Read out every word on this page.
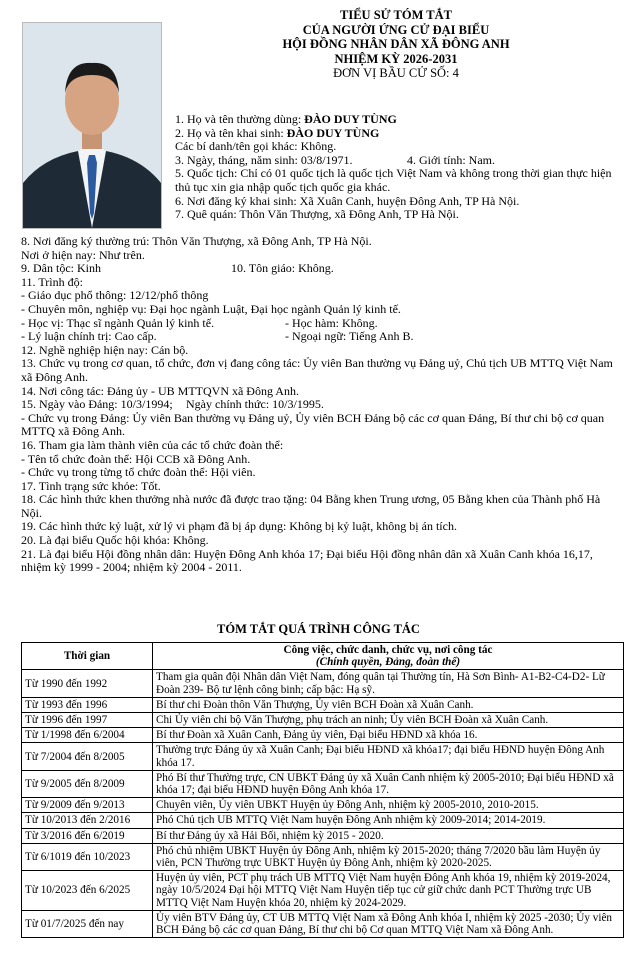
TIỂU SỬ TÓM TẮT
CỦA NGƯỜI ỨNG CỬ ĐẠI BIỂU
HỘI ĐỒNG NHÂN DÂN XÃ ĐÔNG ANH
NHIỆM KỲ 2026-2031
ĐƠN VỊ BẦU CỬ SỐ: 4
1. Họ và tên thường dùng: ĐÀO DUY TÙNG
2. Họ và tên khai sinh: ĐÀO DUY TÙNG
Các bí danh/tên gọi khác: Không.
3. Ngày, tháng, năm sinh: 03/8/1971.	4. Giới tính: Nam.
5. Quốc tịch: Chỉ có 01 quốc tịch là quốc tịch Việt Nam và không trong thời gian thực hiện thủ tục xin gia nhập quốc tịch quốc gia khác.
6. Nơi đăng ký khai sinh: Xã Xuân Canh, huyện Đông Anh, TP Hà Nội.
7. Quê quán: Thôn Văn Thượng, xã Đông Anh, TP Hà Nội.
8. Nơi đăng ký thường trú: Thôn Văn Thượng, xã Đông Anh, TP Hà Nội.
Nơi ở hiện nay: Như trên.
9. Dân tộc: Kinh	10. Tôn giáo: Không.
11. Trình độ:
- Giáo dục phổ thông: 12/12/phổ thông
- Chuyên môn, nghiệp vụ: Đại học ngành Luật, Đại học ngành Quản lý kinh tế.
- Học vị: Thạc sĩ ngành Quản lý kinh tế.	- Học hàm: Không.
- Lý luận chính trị: Cao cấp.	- Ngoại ngữ: Tiếng Anh B.
12. Nghề nghiệp hiện nay: Cán bộ.
13. Chức vụ trong cơ quan, tổ chức, đơn vị đang công tác: Ủy viên Ban thường vụ Đảng uỷ, Chủ tịch UB MTTQ Việt Nam xã Đông Anh.
14. Nơi công tác: Đảng ủy - UB MTTQVN xã Đông Anh.
15. Ngày vào Đảng: 10/3/1994; Ngày chính thức: 10/3/1995.
- Chức vụ trong Đảng: Ủy viên Ban thường vụ Đảng uỷ, Ủy viên BCH Đảng bộ các cơ quan Đảng, Bí thư chi bộ cơ quan MTTQ xã Đông Anh.
16. Tham gia làm thành viên của các tổ chức đoàn thể:
- Tên tổ chức đoàn thể: Hội CCB xã Đông Anh.
- Chức vụ trong từng tổ chức đoàn thể: Hội viên.
17. Tình trạng sức khỏe: Tốt.
18. Các hình thức khen thưởng nhà nước đã được trao tặng: 04 Bằng khen Trung ương, 05 Bằng khen của Thành phố Hà Nội.
19. Các hình thức kỷ luật, xử lý vi phạm đã bị áp dụng: Không bị kỷ luật, không bị án tích.
20. Là đại biểu Quốc hội khóa: Không.
21. Là đại biểu Hội đồng nhân dân: Huyện Đông Anh khóa 17; Đại biểu Hội đồng nhân dân xã Xuân Canh khóa 16,17, nhiệm kỳ 1999 - 2004; nhiệm kỳ 2004 - 2011.
TÓM TẮT QUÁ TRÌNH CÔNG TÁC
Thời gian	Công việc, chức danh, chức vụ, nơi công tác
(Chính quyền, Đảng, đoàn thể)

Từ 1990 đến 1992	Tham gia quân đội Nhân dân Việt Nam, đóng quân tại Thường tín, Hà Sơn Bình- A1-B2-C4-D2- Lữ Đoàn 239- Bộ tư lệnh công binh; cấp bậc: Hạ sỹ.
Từ 1993 đến 1996	Bí thư chi Đoàn thôn Văn Thượng, Ủy viên BCH Đoàn xã Xuân Canh.
Từ 1996 đến 1997	Chi Ủy viên chi bộ Văn Thượng, phụ trách an ninh; Ủy viên BCH Đoàn xã Xuân Canh.
Từ 1/1998 đến 6/2004	Bí thư Đoàn xã Xuân Canh, Đảng ủy viên, Đại biểu HĐND xã khóa 16.
Từ 7/2004 đến 8/2005	Thường trực Đảng ủy xã Xuân Canh; Đại biểu HĐND xã khóa17; đại biểu HĐND huyện Đông Anh khóa 17.
Từ 9/2005 đến 8/2009	Phó Bí thư Thường trực, CN UBKT Đảng ủy xã Xuân Canh nhiệm kỳ 2005-2010; Đại biểu HĐND xã khóa 17; đại biểu HĐND huyện Đông Anh khóa 17.
Từ 9/2009 đến 9/2013	Chuyên viên, Ủy viên UBKT Huyện ủy Đông Anh, nhiệm kỳ 2005-2010, 2010-2015.
Từ 10/2013 đến 2/2016	Phó Chủ tịch UB MTTQ Việt Nam huyện Đông Anh nhiệm kỳ 2009-2014; 2014-2019.
Từ 3/2016 đến 6/2019	Bí thư Đảng ủy xã Hải Bối, nhiệm kỳ 2015 - 2020.
Từ 6/1019 đến 10/2023	Phó chủ nhiệm UBKT Huyện ủy Đông Anh, nhiệm kỳ 2015-2020; tháng 7/2020 bầu làm Huyện ủy viên, PCN Thường trực UBKT Huyện ủy Đông Anh, nhiệm kỳ 2020-2025.
Từ 10/2023 đến 6/2025	Huyện ủy viên, PCT phụ trách UB MTTQ Việt Nam huyện Đông Anh khóa 19, nhiệm kỳ 2019-2024, ngày 10/5/2024 Đại hội MTTQ Việt Nam Huyện tiếp tục cử giữ chức danh PCT Thường trực UB MTTQ Việt Nam Huyện khóa 20, nhiệm kỳ 2024-2029.
Từ 01/7/2025 đến nay	Ủy viên BTV Đảng ủy, CT UB MTTQ Việt Nam xã Đông Anh khóa I, nhiệm kỳ 2025 -2030; Ủy viên BCH Đảng bộ các cơ quan Đảng, Bí thư chi bộ Cơ quan MTTQ Việt Nam xã Đông Anh.
